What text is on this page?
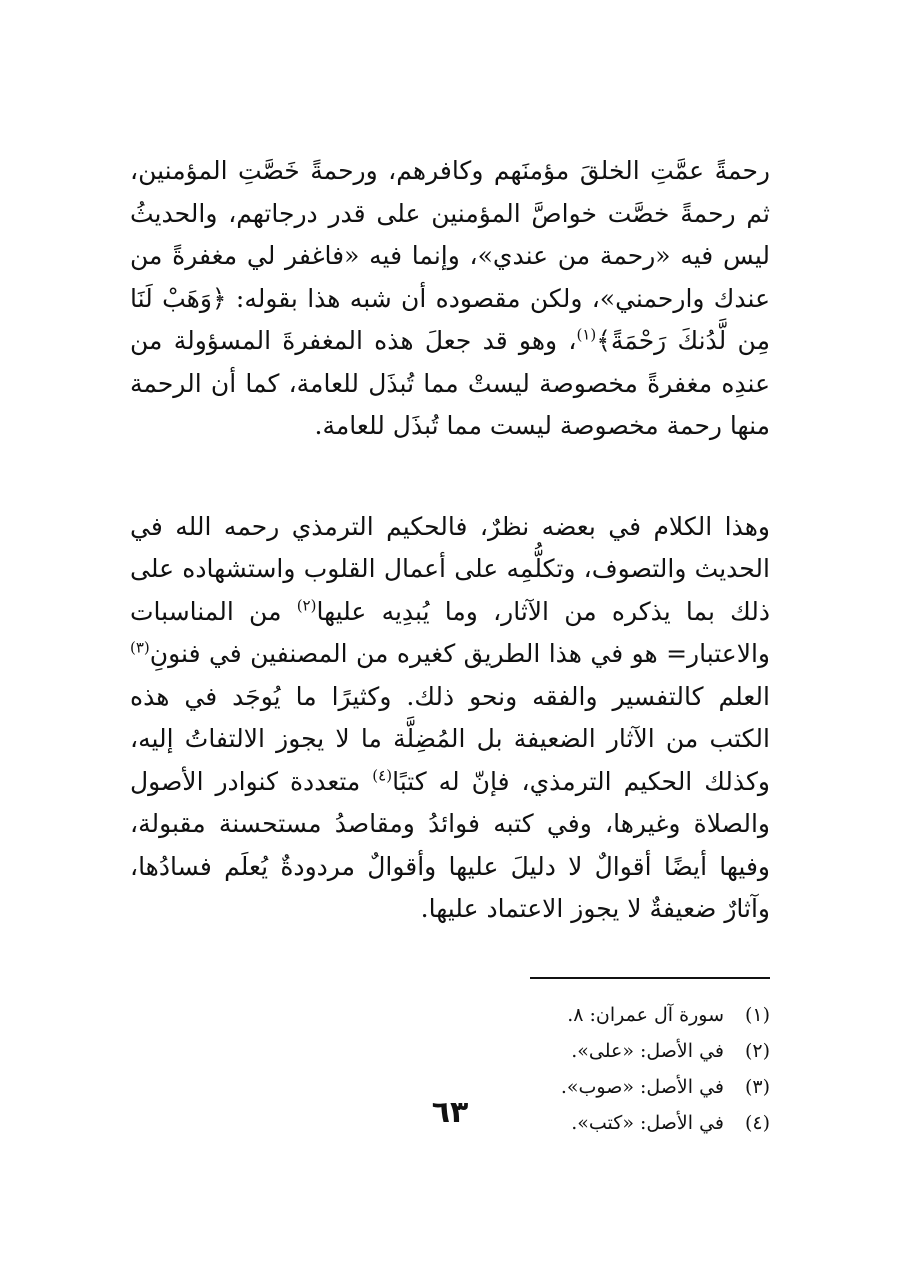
رحمةً عمَّتِ الخلقَ مؤمنَهم وكافرهم، ورحمةً خَصَّتِ المؤمنين، ثم رحمةً خصَّت خواصَّ المؤمنين على قدر درجاتهم، والحديثُ ليس فيه «رحمة من عندي»، وإنما فيه «فاغفر لي مغفرةً من عندك وارحمني»، ولكن مقصوده أن شبه هذا بقوله: ﴿وَهَبْ لَنَا مِن لَّدُنكَ رَحْمَةً﴾$^{(١)}$، وهو قد جعلَ هذه المغفرةَ المسؤولة من عندِه مغفرةً مخصوصة ليستْ مما تُبذَل للعامة، كما أن الرحمة منها رحمة مخصوصة ليست مما تُبذَل للعامة.

وهذا الكلام في بعضه نظرٌ، فالحكيم الترمذي رحمه الله في الحديث والتصوف، وتكلُّمِه على أعمال القلوب واستشهاده على ذلك بما يذكره من الآثار، وما يُبدِيه عليها$^{(٢)}$ من المناسبات والاعتبار= هو في هذا الطريق كغيره من المصنفين في فنونِ$^{(٣)}$ العلم كالتفسير والفقه ونحو ذلك. وكثيرًا ما يُوجَد في هذه الكتب من الآثار الضعيفة بل المُضِلَّة ما لا يجوز الالتفاتُ إليه، وكذلك الحكيم الترمذي، فإنّ له كتبًا$^{(٤)}$ متعددة كنوادر الأصول والصلاة وغيرها، وفي كتبه فوائدُ ومقاصدُ مستحسنة مقبولة، وفيها أيضًا أقوالٌ لا دليلَ عليها وأقوالٌ مردودةٌ يُعلَم فسادُها، وآثارٌ ضعيفةٌ لا يجوز الاعتماد عليها.

(١)
سورة آل عمران: ٨.
(٢)
في الأصل: «على».
(٣)
في الأصل: «صوب».
(٤)
في الأصل: «كتب».
٦٣
